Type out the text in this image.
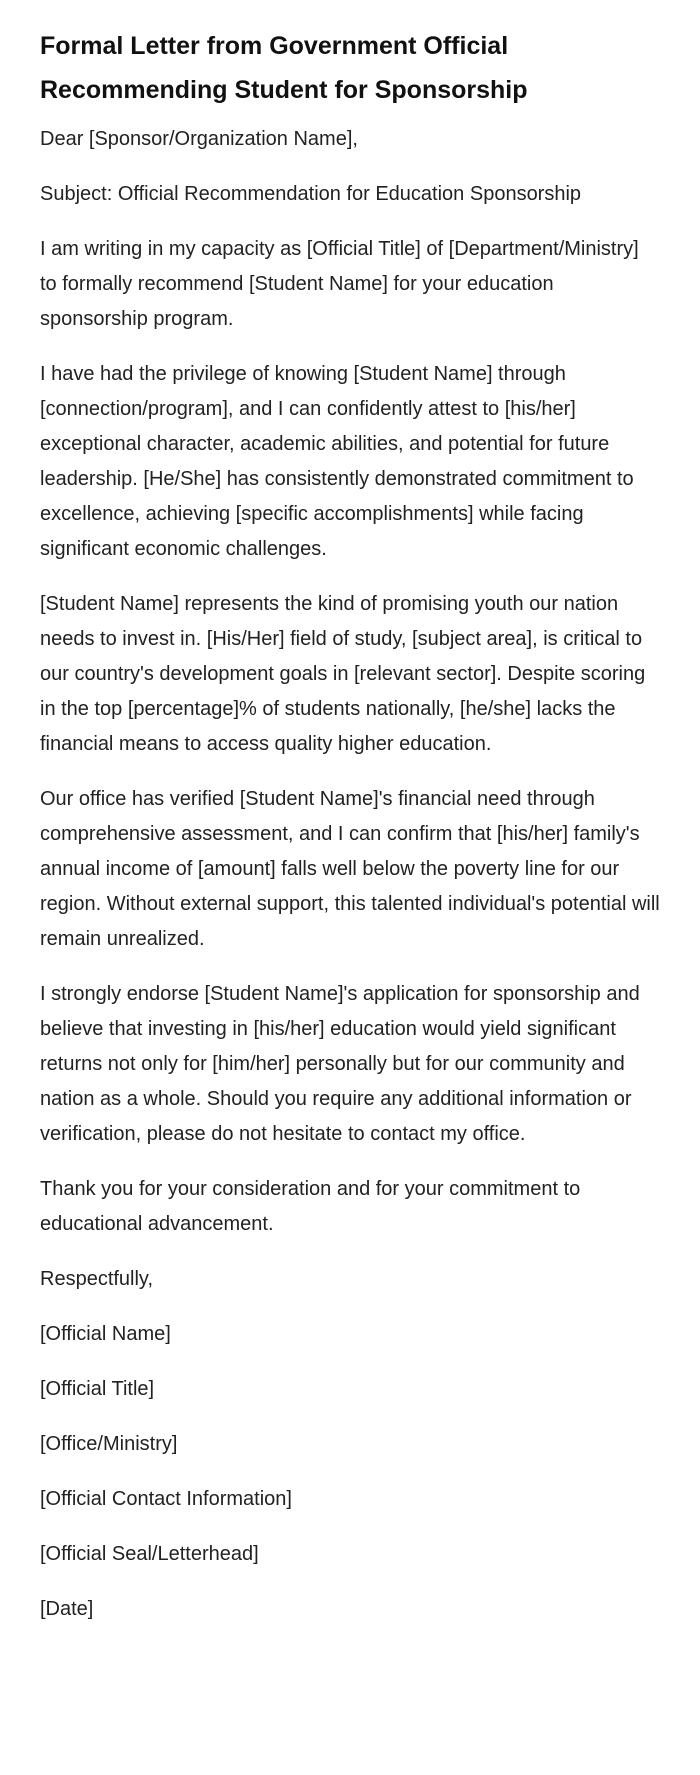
Formal Letter from Government Official Recommending Student for Sponsorship

Dear [Sponsor/Organization Name],

Subject: Official Recommendation for Education Sponsorship

I am writing in my capacity as [Official Title] of [Department/Ministry] to formally recommend [Student Name] for your education sponsorship program.

I have had the privilege of knowing [Student Name] through [connection/program], and I can confidently attest to [his/her] exceptional character, academic abilities, and potential for future leadership. [He/She] has consistently demonstrated commitment to excellence, achieving [specific accomplishments] while facing significant economic challenges.

[Student Name] represents the kind of promising youth our nation needs to invest in. [His/Her] field of study, [subject area], is critical to our country's development goals in [relevant sector]. Despite scoring in the top [percentage]% of students nationally, [he/she] lacks the financial means to access quality higher education.

Our office has verified [Student Name]'s financial need through comprehensive assessment, and I can confirm that [his/her] family's annual income of [amount] falls well below the poverty line for our region. Without external support, this talented individual's potential will remain unrealized.

I strongly endorse [Student Name]'s application for sponsorship and believe that investing in [his/her] education would yield significant returns not only for [him/her] personally but for our community and nation as a whole. Should you require any additional information or verification, please do not hesitate to contact my office.

Thank you for your consideration and for your commitment to educational advancement.

Respectfully,

[Official Name]

[Official Title]

[Office/Ministry]

[Official Contact Information]

[Official Seal/Letterhead]

[Date]
